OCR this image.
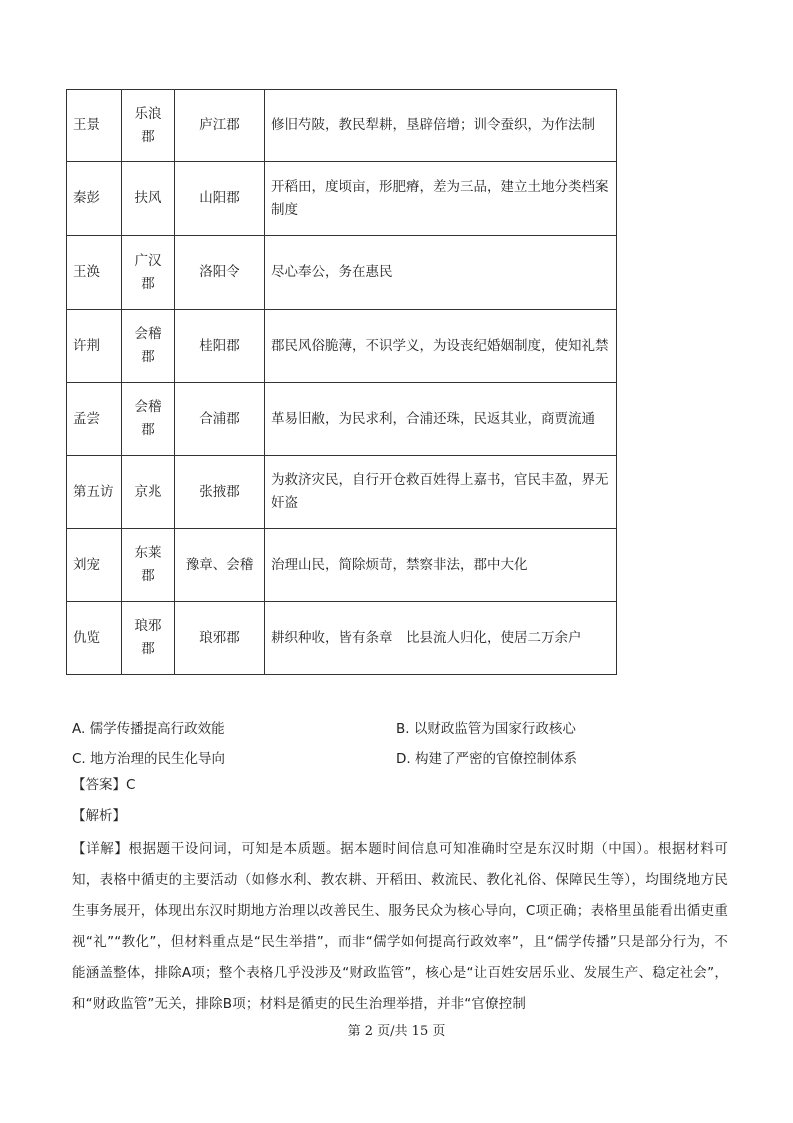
王景	乐浪郡	庐江郡	修旧芍陂，教民犁耕，垦辟倍增；训令蚕织，为作法制
秦彭	扶风	山阳郡	开稻田，度顷亩，形肥瘠，差为三品，建立土地分类档案制度
王涣	广汉郡	洛阳令	尽心奉公，务在惠民
许荆	会稽郡	桂阳郡	郡民风俗脆薄，不识学义，为设丧纪婚姻制度，使知礼禁
孟尝	会稽郡	合浦郡	革易旧敝，为民求利，合浦还珠，民返其业，商贾流通
第五访	京兆	张掖郡	为救济灾民，自行开仓救百姓得上嘉书，官民丰盈，界无奸盗
刘宠	东莱郡	豫章、会稽	治理山民，简除烦苛，禁察非法，郡中大化
仇览	琅邪郡	琅邪郡	耕织种收，皆有条章　比县流人归化，使居二万余户
A. 儒学传播提高行政效能	B. 以财政监管为国家行政核心
C. 地方治理的民生化导向	D. 构建了严密的官僚控制体系
【答案】C
【解析】
【详解】根据题干设问词，可知是本质题。据本题时间信息可知准确时空是东汉时期（中国）。根据材料可知，表格中循吏的主要活动（如修水利、教农耕、开稻田、救流民、教化礼俗、保障民生等），均围绕地方民生事务展开，体现出东汉时期地方治理以改善民生、服务民众为核心导向，C项正确；表格里虽能看出循吏重视“礼”“教化”，但材料重点是“民生举措”，而非“儒学如何提高行政效率”，且“儒学传播”只是部分行为，不能涵盖整体，排除A项；整个表格几乎没涉及“财政监管”，核心是“让百姓安居乐业、发展生产、稳定社会”，和“财政监管”无关，排除B项；材料是循吏的民生治理举措，并非“官僚控制
第 2 页/共 15 页
